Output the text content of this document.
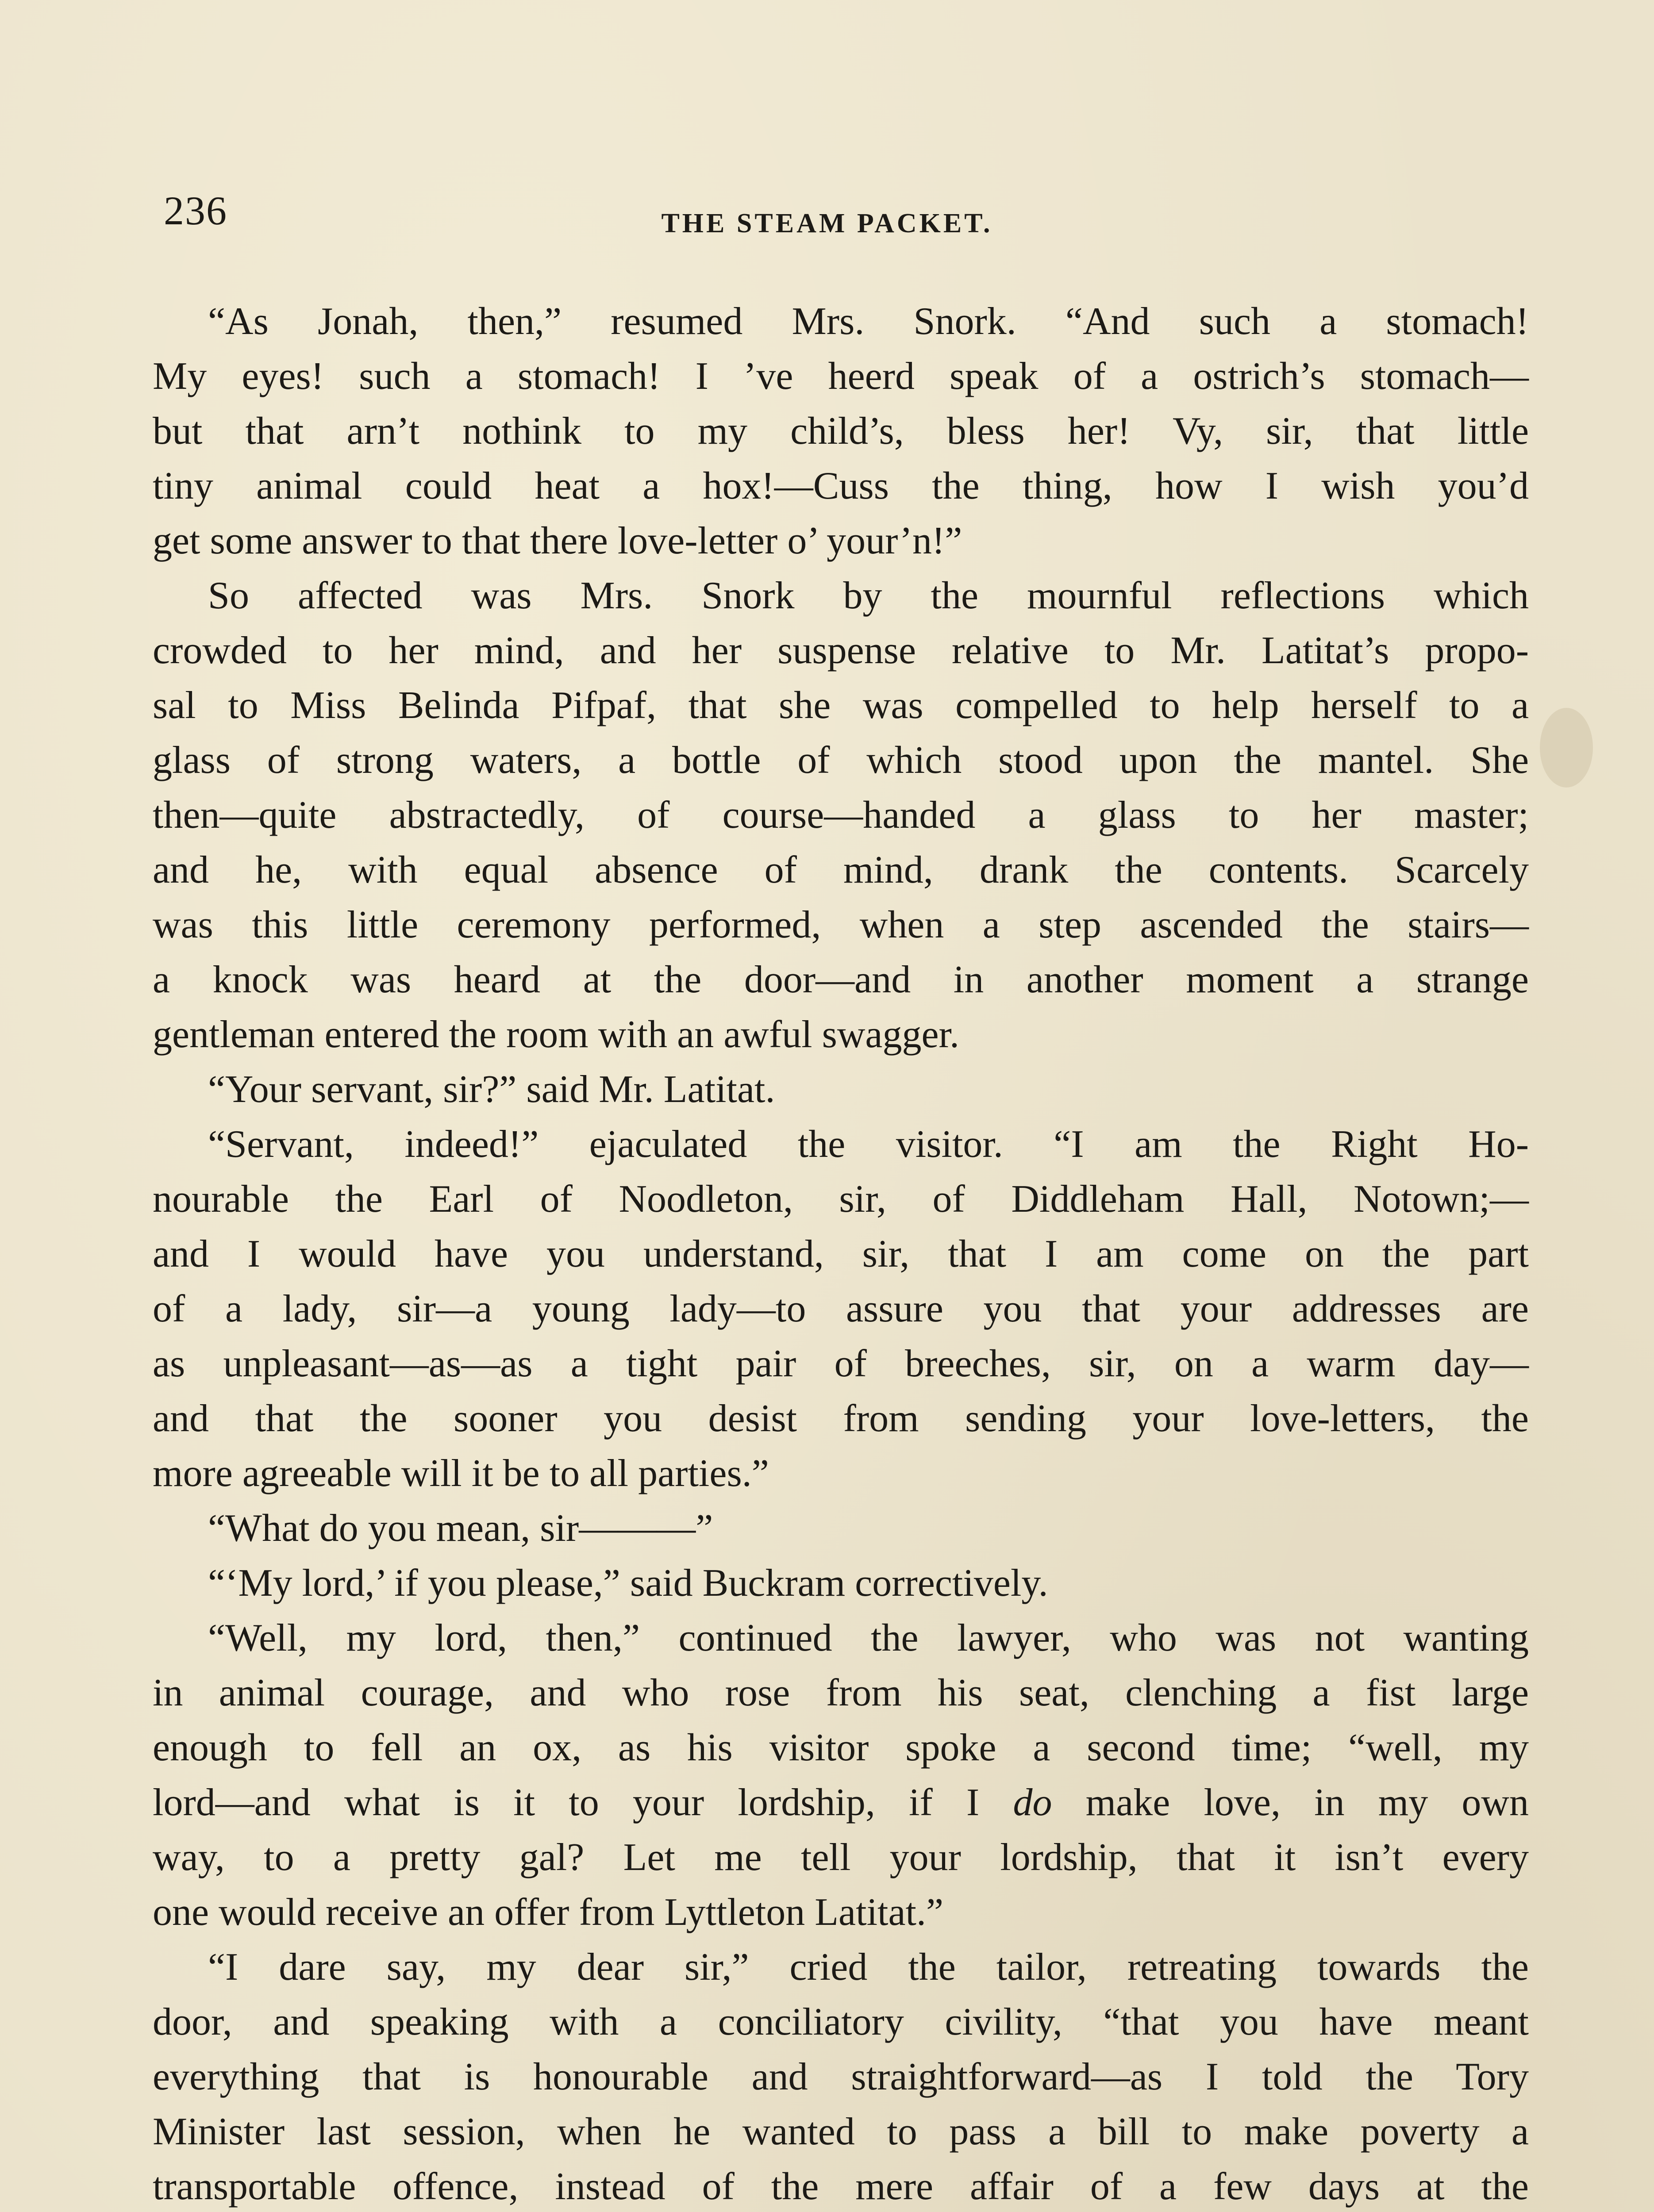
236	THE STEAM PACKET.
“As Jonah, then,” resumed Mrs. Snork. “And such a stomach!
My eyes! such a stomach! I ’ve heerd speak of a ostrich’s stomach—
but that arn’t nothink to my child’s, bless her! Vy, sir, that little
tiny animal could heat a hox!—Cuss the thing, how I wish you’d
get some answer to that there love-letter o’ your’n!”
So affected was Mrs. Snork by the mournful reflections which
crowded to her mind, and her suspense relative to Mr. Latitat’s propo-
sal to Miss Belinda Pifpaf, that she was compelled to help herself to a
glass of strong waters, a bottle of which stood upon the mantel. She
then—quite abstractedly, of course—handed a glass to her master;
and he, with equal absence of mind, drank the contents. Scarcely
was this little ceremony performed, when a step ascended the stairs—
a knock was heard at the door—and in another moment a strange
gentleman entered the room with an awful swagger.
“Your servant, sir?” said Mr. Latitat.
“Servant, indeed!” ejaculated the visitor. “I am the Right Ho-
nourable the Earl of Noodleton, sir, of Diddleham Hall, Notown;—
and I would have you understand, sir, that I am come on the part
of a lady, sir—a young lady—to assure you that your addresses are
as unpleasant—as—as a tight pair of breeches, sir, on a warm day—
and that the sooner you desist from sending your love-letters, the
more agreeable will it be to all parties.”
“What do you mean, sir———”
“‘My lord,’ if you please,” said Buckram correctively.
“Well, my lord, then,” continued the lawyer, who was not wanting
in animal courage, and who rose from his seat, clenching a fist large
enough to fell an ox, as his visitor spoke a second time; “well, my
lord—and what is it to your lordship, if I do make love, in my own
way, to a pretty gal? Let me tell your lordship, that it isn’t every
one would receive an offer from Lyttleton Latitat.”
“I dare say, my dear sir,” cried the tailor, retreating towards the
door, and speaking with a conciliatory civility, “that you have meant
everything that is honourable and straightforward—as I told the Tory
Minister last session, when he wanted to pass a bill to make poverty a
transportable offence, instead of the mere affair of a few days at the
